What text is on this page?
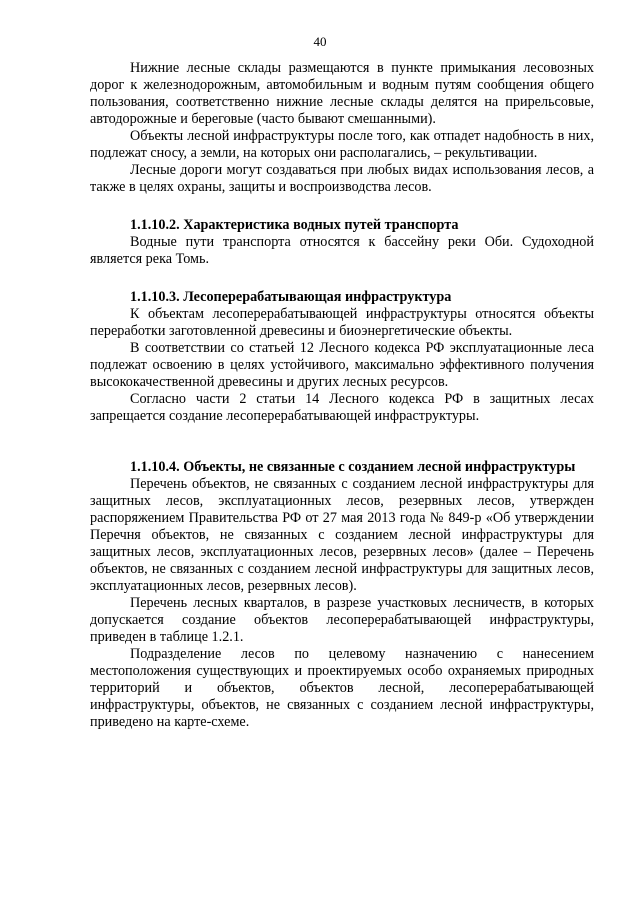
40

Нижние лесные склады размещаются в пункте примыкания лесовозных дорог к железнодорожным, автомобильным и водным путям сообщения общего пользования, соответственно нижние лесные склады делятся на прирельсовые, автодорожные и береговые (часто бывают смешанными).

Объекты лесной инфраструктуры после того, как отпадет надобность в них, подлежат сносу, а земли, на которых они располагались, – рекультивации.

Лесные дороги могут создаваться при любых видах использования лесов, а также в целях охраны, защиты и воспроизводства лесов.

1.1.10.2. Характеристика водных путей транспорта

Водные пути транспорта относятся к бассейну реки Оби. Судоходной является река Томь.

1.1.10.3. Лесоперерабатывающая инфраструктура

К объектам лесоперерабатывающей инфраструктуры относятся объекты переработки заготовленной древесины и биоэнергетические объекты.

В соответствии со статьей 12 Лесного кодекса РФ эксплуатационные леса подлежат освоению в целях устойчивого, максимально эффективного получения высококачественной древесины и других лесных ресурсов.

Согласно части 2 статьи 14 Лесного кодекса РФ в защитных лесах запрещается создание лесоперерабатывающей инфраструктуры.

1.1.10.4. Объекты, не связанные с созданием лесной инфраструктуры

Перечень объектов, не связанных с созданием лесной инфраструктуры для защитных лесов, эксплуатационных лесов, резервных лесов, утвержден распоряжением Правительства РФ от 27 мая 2013 года № 849-р «Об утверждении Перечня объектов, не связанных с созданием лесной инфраструктуры для защитных лесов, эксплуатационных лесов, резервных лесов» (далее – Перечень объектов, не связанных с созданием лесной инфраструктуры для защитных лесов, эксплуатационных лесов, резервных лесов).

Перечень лесных кварталов, в разрезе участковых лесничеств, в которых допускается создание объектов лесоперерабатывающей инфраструктуры, приведен в таблице 1.2.1.

Подразделение лесов по целевому назначению с нанесением местоположения существующих и проектируемых особо охраняемых природных территорий и объектов, объектов лесной, лесоперерабатывающей инфраструктуры, объектов, не связанных с созданием лесной инфраструктуры, приведено на карте-схеме.
